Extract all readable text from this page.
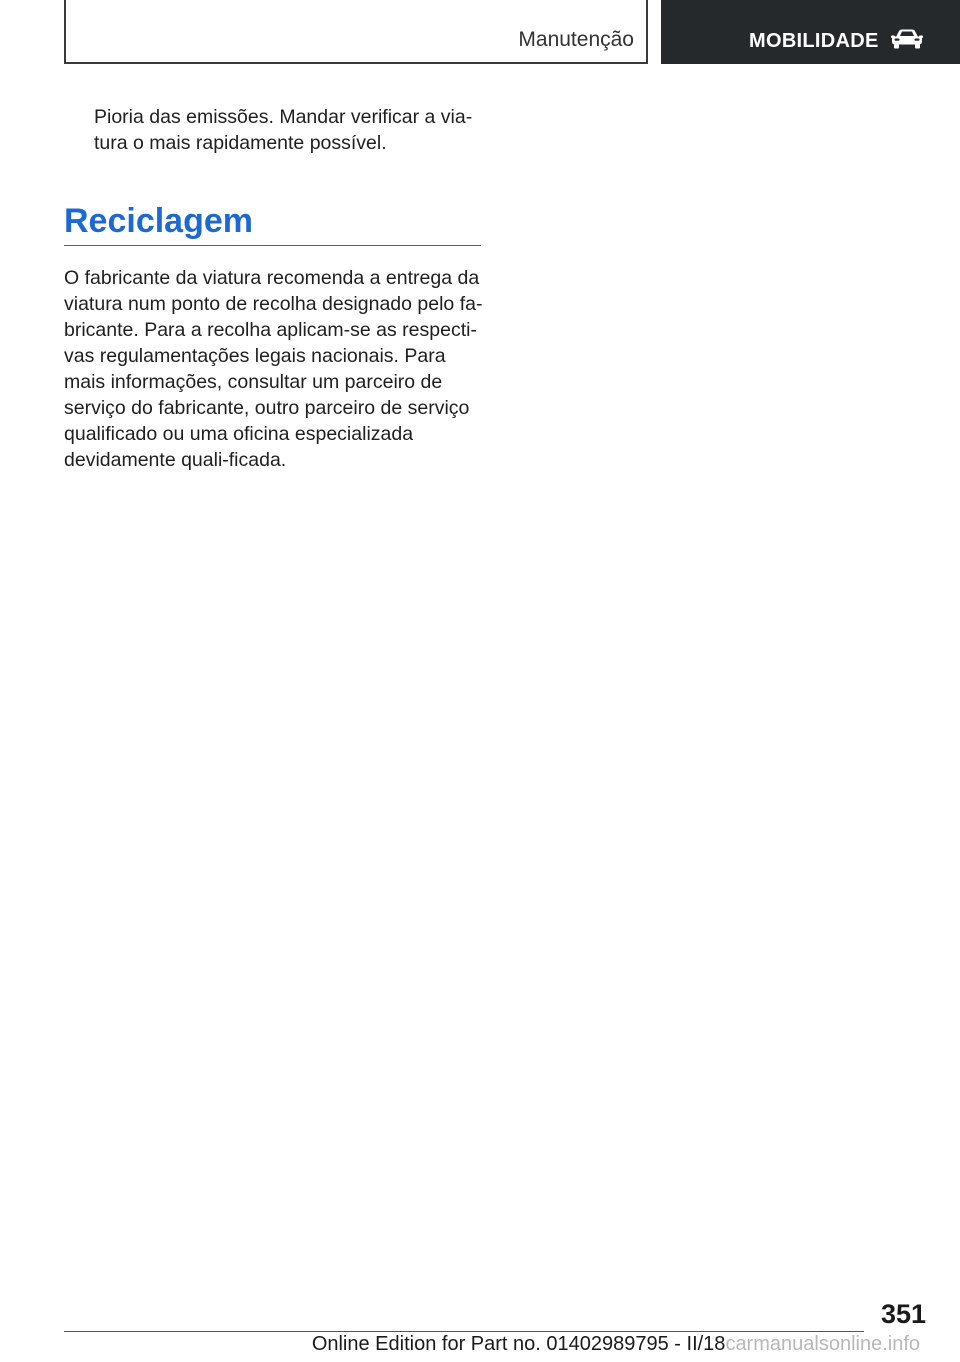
Manutenção	MOBILIDADE

Pioria das emissões. Mandar verificar a via-tura o mais rapidamente possível.

Reciclagem

O fabricante da viatura recomenda a entrega da viatura num ponto de recolha designado pelo fa-bricante. Para a recolha aplicam-se as respecti-vas regulamentações legais nacionais. Para mais informações, consultar um parceiro de serviço do fabricante, outro parceiro de serviço qualificado ou uma oficina especializada devidamente quali-ficada.

351
Online Edition for Part no. 01402989795 - II/18carmanualsonline.info
